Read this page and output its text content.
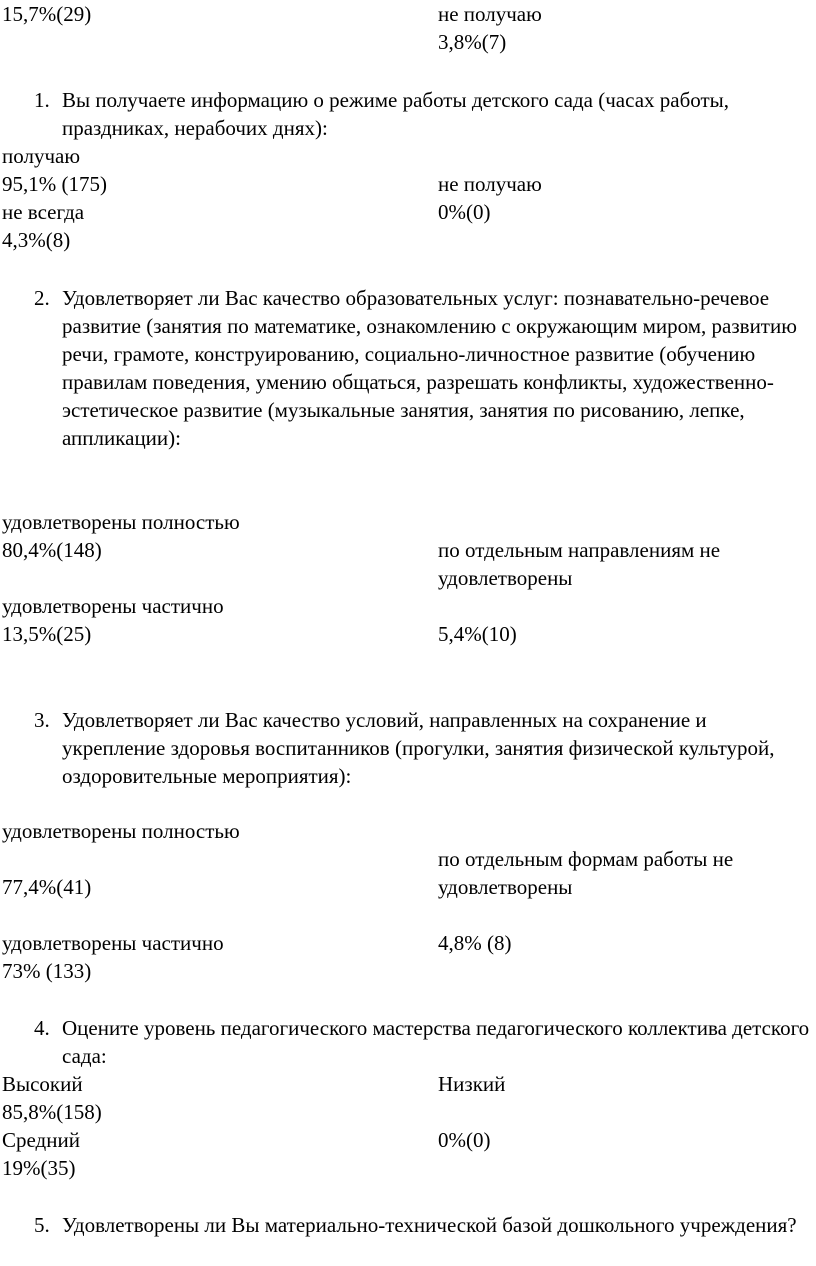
15,7%(29)	не получаю
3,8%(7)
1. Вы получаете информацию о режиме работы детского сада (часах работы, праздниках, нерабочих днях):
получаю
95,1% (175)
не всегда
4,3%(8)
не получаю
0%(0)
2. Удовлетворяет ли Вас качество образовательных услуг: познавательно-речевое развитие (занятия по математике, ознакомлению с окружающим миром, развитию речи, грамоте, конструированию, социально-личностное развитие (обучению правилам поведения, умению общаться, разрешать конфликты, художественно-эстетическое развитие (музыкальные занятия, занятия по рисованию, лепке, аппликации):
удовлетворены полностью
80,4%(148)
удовлетворены частично
13,5%(25)
по отдельным направлениям не
удовлетворены
5,4%(10)
3. Удовлетворяет ли Вас качество условий, направленных на сохранение и укрепление здоровья воспитанников (прогулки, занятия физической культурой, оздоровительные мероприятия):
удовлетворены полностью
77,4%(41)
удовлетворены частично
73% (133)
по отдельным формам работы не
удовлетворены
4,8% (8)
4. Оцените уровень педагогического мастерства педагогического коллектива детского сада:
Высокий
85,8%(158)
Средний
19%(35)
Низкий
0%(0)
5. Удовлетворены ли Вы материально-технической базой дошкольного учреждения?
